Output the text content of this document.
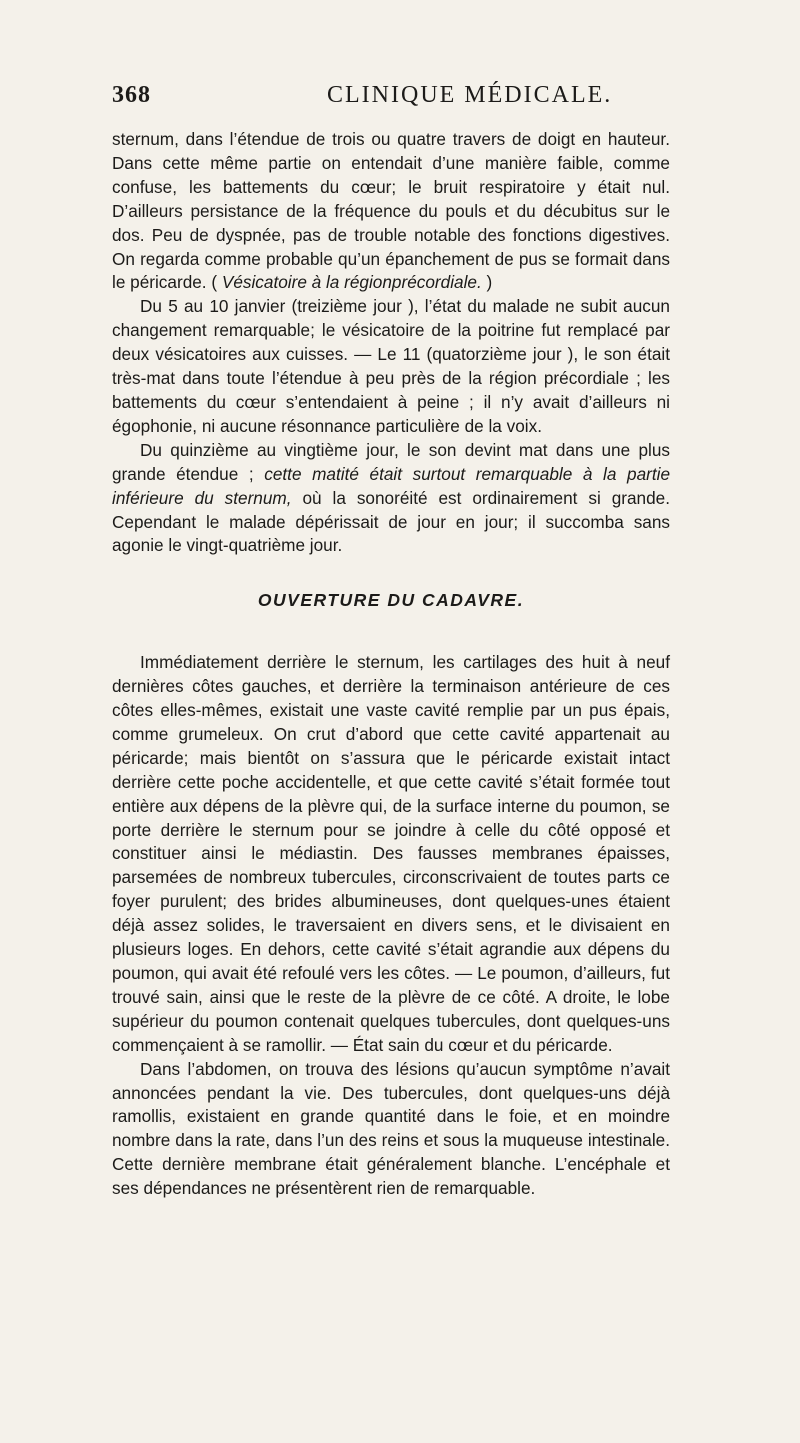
368	CLINIQUE MÉDICALE.

sternum, dans l’étendue de trois ou quatre travers de doigt en hauteur. Dans cette même partie on entendait d’une manière faible, comme confuse, les battements du cœur; le bruit respiratoire y était nul. D’ailleurs persistance de la fréquence du pouls et du décubitus sur le dos. Peu de dyspnée, pas de trouble notable des fonctions digestives. On regarda comme probable qu’un épanchement de pus se formait dans le péricarde. ( Vésicatoire à la régionprécordiale. )

Du 5 au 10 janvier (treizième jour ), l’état du malade ne subit aucun changement remarquable; le vésicatoire de la poitrine fut remplacé par deux vésicatoires aux cuisses. — Le 11 (quatorzième jour ), le son était très-mat dans toute l’étendue à peu près de la région précordiale ; les battements du cœur s’entendaient à peine ; il n’y avait d’ailleurs ni égophonie, ni aucune résonnance particulière de la voix.

Du quinzième au vingtième jour, le son devint mat dans une plus grande étendue ; cette matité était surtout remarquable à la partie inférieure du sternum, où la sonoréité est ordinairement si grande. Cependant le malade dépérissait de jour en jour; il succomba sans agonie le vingt-quatrième jour.

OUVERTURE DU CADAVRE.

Immédiatement derrière le sternum, les cartilages des huit à neuf dernières côtes gauches, et derrière la terminaison antérieure de ces côtes elles-mêmes, existait une vaste cavité remplie par un pus épais, comme grumeleux. On crut d’abord que cette cavité appartenait au péricarde; mais bientôt on s’assura que le péricarde existait intact derrière cette poche accidentelle, et que cette cavité s’était formée tout entière aux dépens de la plèvre qui, de la surface interne du poumon, se porte derrière le sternum pour se joindre à celle du côté opposé et constituer ainsi le médiastin. Des fausses membranes épaisses, parsemées de nombreux tubercules, circonscrivaient de toutes parts ce foyer purulent; des brides albumineuses, dont quelques-unes étaient déjà assez solides, le traversaient en divers sens, et le divisaient en plusieurs loges. En dehors, cette cavité s’était agrandie aux dépens du poumon, qui avait été refoulé vers les côtes. — Le poumon, d’ailleurs, fut trouvé sain, ainsi que le reste de la plèvre de ce côté. A droite, le lobe supérieur du poumon contenait quelques tubercules, dont quelques-uns commençaient à se ramollir. — État sain du cœur et du péricarde.

Dans l’abdomen, on trouva des lésions qu’aucun symptôme n’avait annoncées pendant la vie. Des tubercules, dont quelques-uns déjà ramollis, existaient en grande quantité dans le foie, et en moindre nombre dans la rate, dans l’un des reins et sous la muqueuse intestinale. Cette dernière membrane était généralement blanche. L’encéphale et ses dépendances ne présentèrent rien de remarquable.
